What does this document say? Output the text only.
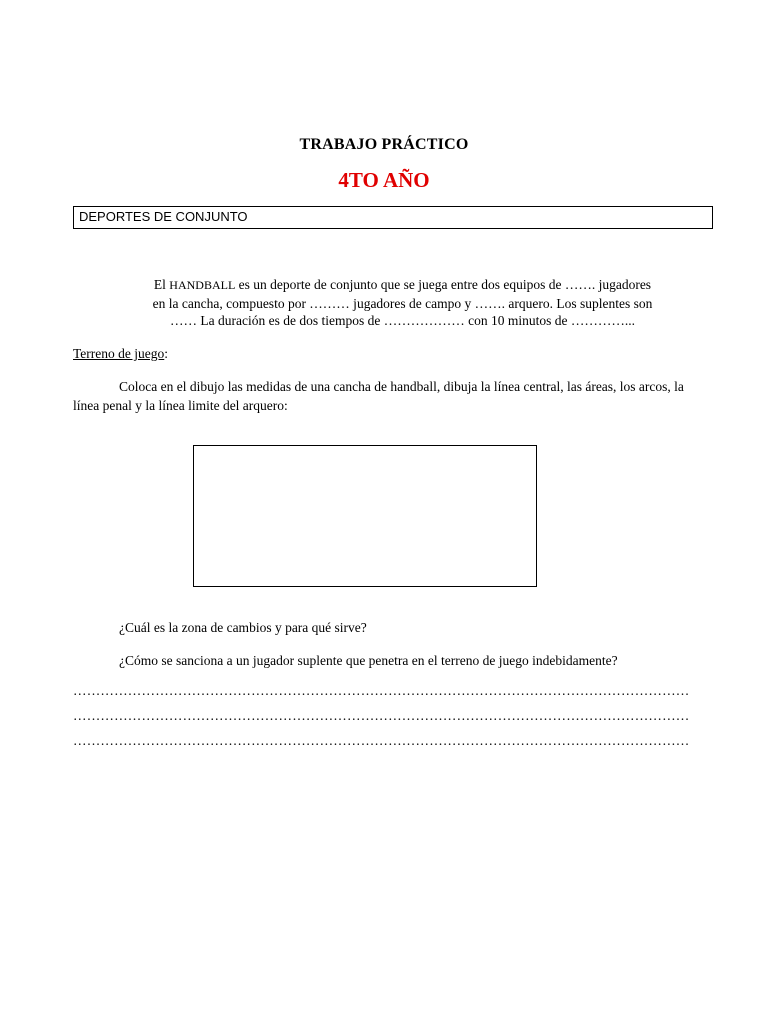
TRABAJO PRÁCTICO
4TO AÑO
DEPORTES DE CONJUNTO
El HANDBALL es un deporte de conjunto que se juega entre dos equipos de ……. jugadores
en la cancha, compuesto por ……… jugadores de campo y ……. arquero. Los suplentes son
…… La duración es de dos tiempos de ……………… con 10 minutos de …………...
Terreno de juego:
Coloca en el dibujo las medidas de una cancha de handball, dibuja la línea central, las áreas, los arcos, la línea penal y la línea limite del arquero:
¿Cuál es la zona de cambios y para qué sirve?
¿Cómo se sanciona a un jugador suplente que penetra en el terreno de juego indebidamente?
………………………………………………………………………………………………………………………
………………………………………………………………………………………………………………………
………………………………………………………………………………………………………………………
